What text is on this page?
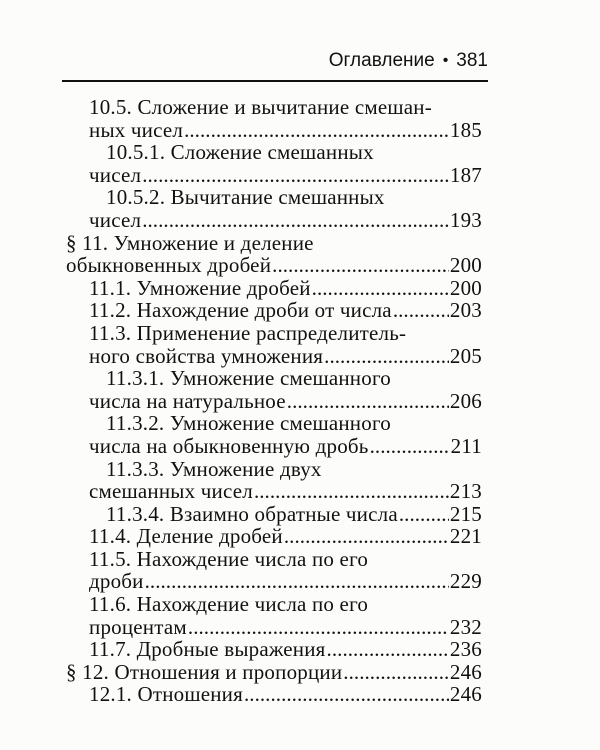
Оглавление • 381
10.5. Сложение и вычитание смешан-
ных чисел . . .	185
10.5.1. Сложение смешанных
чисел . . .	187
10.5.2. Вычитание смешанных
чисел . . .	193
§ 11. Умножение и деление
обыкновенных дробей . . .	200
11.1. Умножение дробей . . .	200
11.2. Нахождение дроби от числа . . .	203
11.3. Применение распределитель-
ного свойства умножения . . .	205
11.3.1. Умножение смешанного
числа на натуральное . . .	206
11.3.2. Умножение смешанного
числа на обыкновенную дробь . . .	211
11.3.3. Умножение двух
смешанных чисел . . .	213
11.3.4. Взаимно обратные числа . . . 215
11.4. Деление дробей . . .	221
11.5. Нахождение числа по его
дроби . . .	229
11.6. Нахождение числа по его
процентам . . .	232
11.7. Дробные выражения . . .	236
§ 12. Отношения и пропорции . . .	246
12.1. Отношения . . .	246
